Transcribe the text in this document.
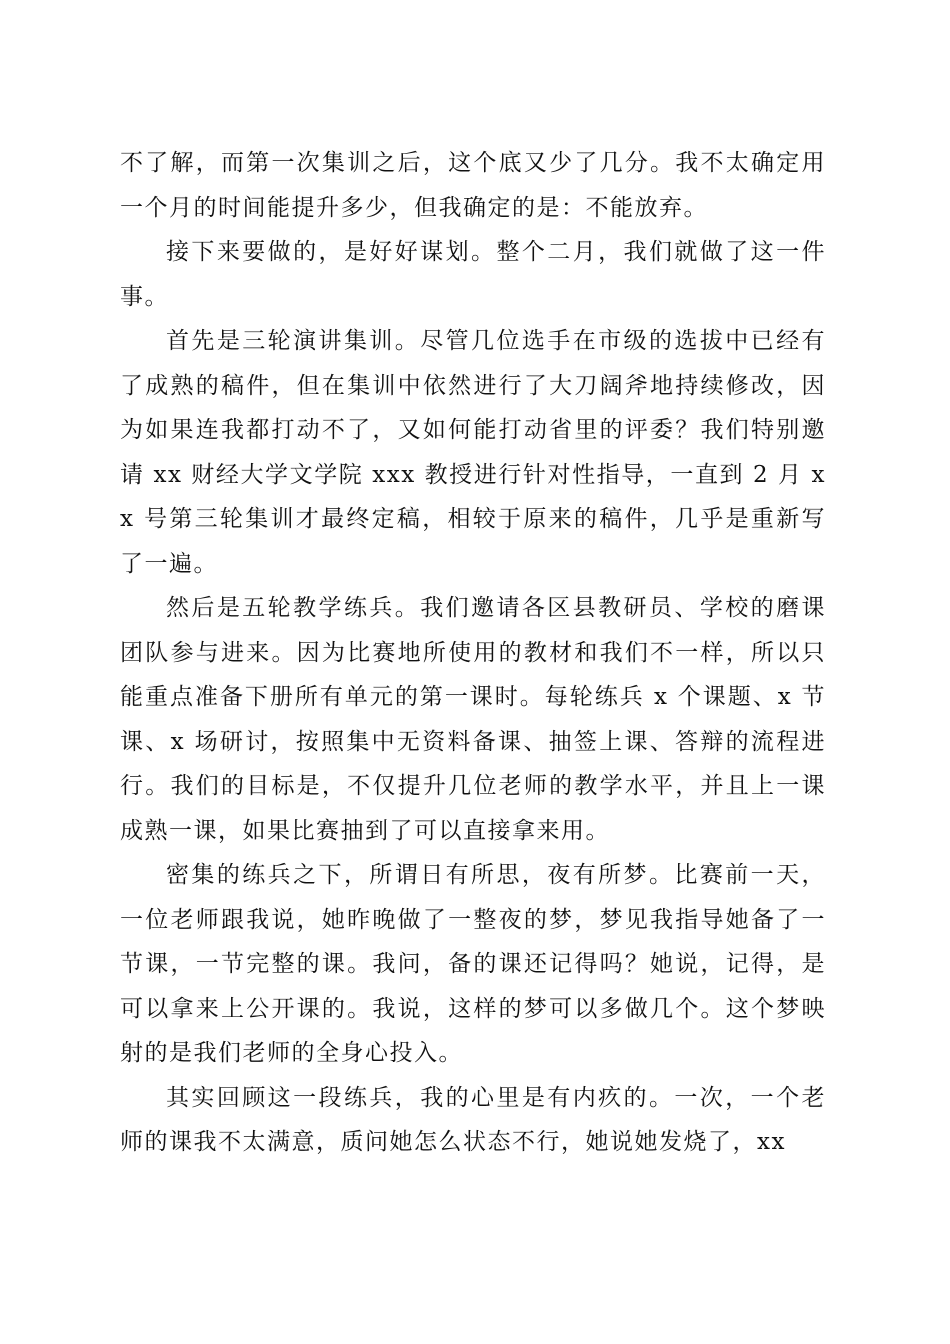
不了解，而第一次集训之后，这个底又少了几分。我不太确定用一个月的时间能提升多少，但我确定的是：不能放弃。

接下来要做的，是好好谋划。整个二月，我们就做了这一件事。

首先是三轮演讲集训。尽管几位选手在市级的选拔中已经有了成熟的稿件，但在集训中依然进行了大刀阔斧地持续修改，因为如果连我都打动不了，又如何能打动省里的评委？我们特别邀请 xx 财经大学文学院 xxx 教授进行针对性指导，一直到 2 月 xx 号第三轮集训才最终定稿，相较于原来的稿件，几乎是重新写了一遍。

然后是五轮教学练兵。我们邀请各区县教研员、学校的磨课团队参与进来。因为比赛地所使用的教材和我们不一样，所以只能重点准备下册所有单元的第一课时。每轮练兵 x 个课题、x 节课、x 场研讨，按照集中无资料备课、抽签上课、答辩的流程进行。我们的目标是，不仅提升几位老师的教学水平，并且上一课成熟一课，如果比赛抽到了可以直接拿来用。

密集的练兵之下，所谓日有所思，夜有所梦。比赛前一天，一位老师跟我说，她昨晚做了一整夜的梦，梦见我指导她备了一节课，一节完整的课。我问，备的课还记得吗？她说，记得，是可以拿来上公开课的。我说，这样的梦可以多做几个。这个梦映射的是我们老师的全身心投入。

其实回顾这一段练兵，我的心里是有内疚的。一次，一个老师的课我不太满意，质问她怎么状态不行，她说她发烧了，xx
